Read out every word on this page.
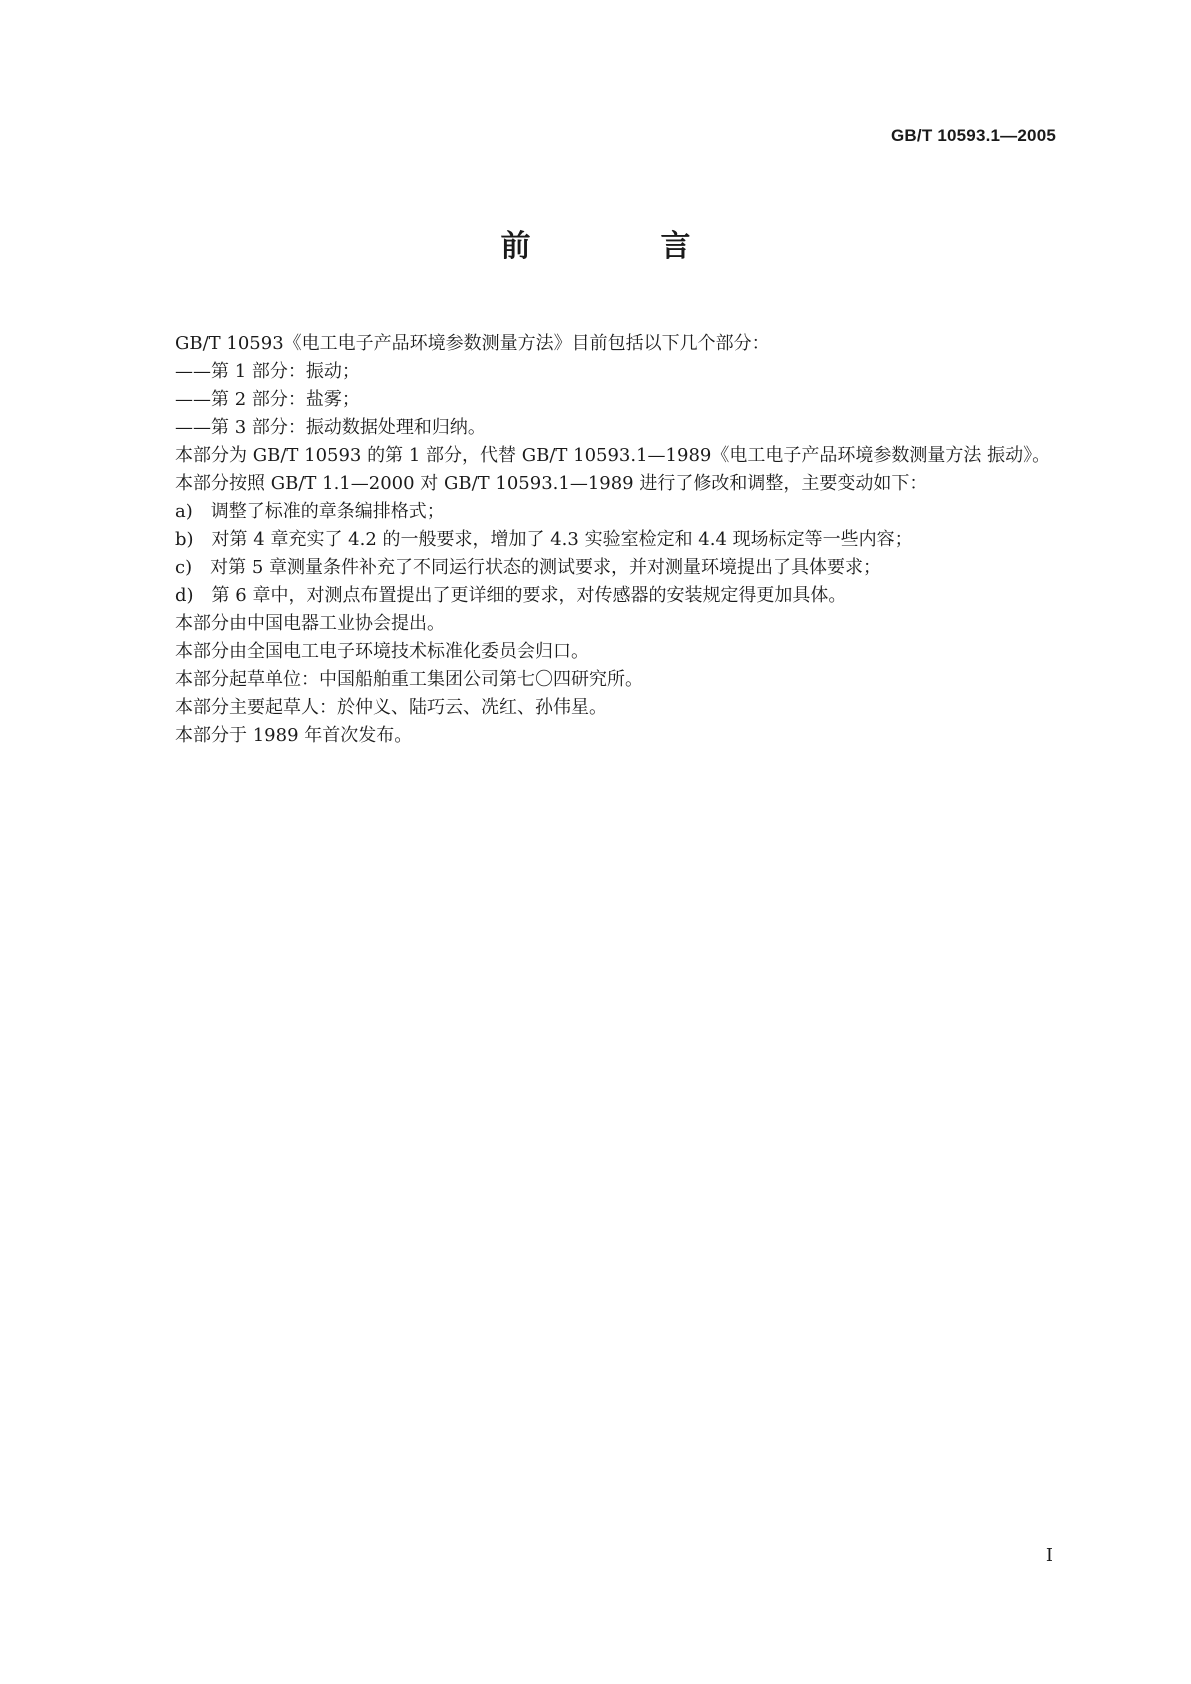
GB/T 10593.1—2005
前　言

GB/T 10593《电工电子产品环境参数测量方法》目前包括以下几个部分：

——第 1 部分：振动；

——第 2 部分：盐雾；

——第 3 部分：振动数据处理和归纳。

本部分为 GB/T 10593 的第 1 部分，代替 GB/T 10593.1—1989《电工电子产品环境参数测量方法 振动》。

本部分按照 GB/T 1.1—2000 对 GB/T 10593.1—1989 进行了修改和调整，主要变动如下：

a)　调整了标准的章条编排格式；

b)　对第 4 章充实了 4.2 的一般要求，增加了 4.3 实验室检定和 4.4 现场标定等一些内容；

c)　对第 5 章测量条件补充了不同运行状态的测试要求，并对测量环境提出了具体要求；

d)　第 6 章中，对测点布置提出了更详细的要求，对传感器的安装规定得更加具体。

本部分由中国电器工业协会提出。

本部分由全国电工电子环境技术标准化委员会归口。

本部分起草单位：中国船舶重工集团公司第七〇四研究所。

本部分主要起草人：於仲义、陆巧云、冼红、孙伟星。

本部分于 1989 年首次发布。

I
